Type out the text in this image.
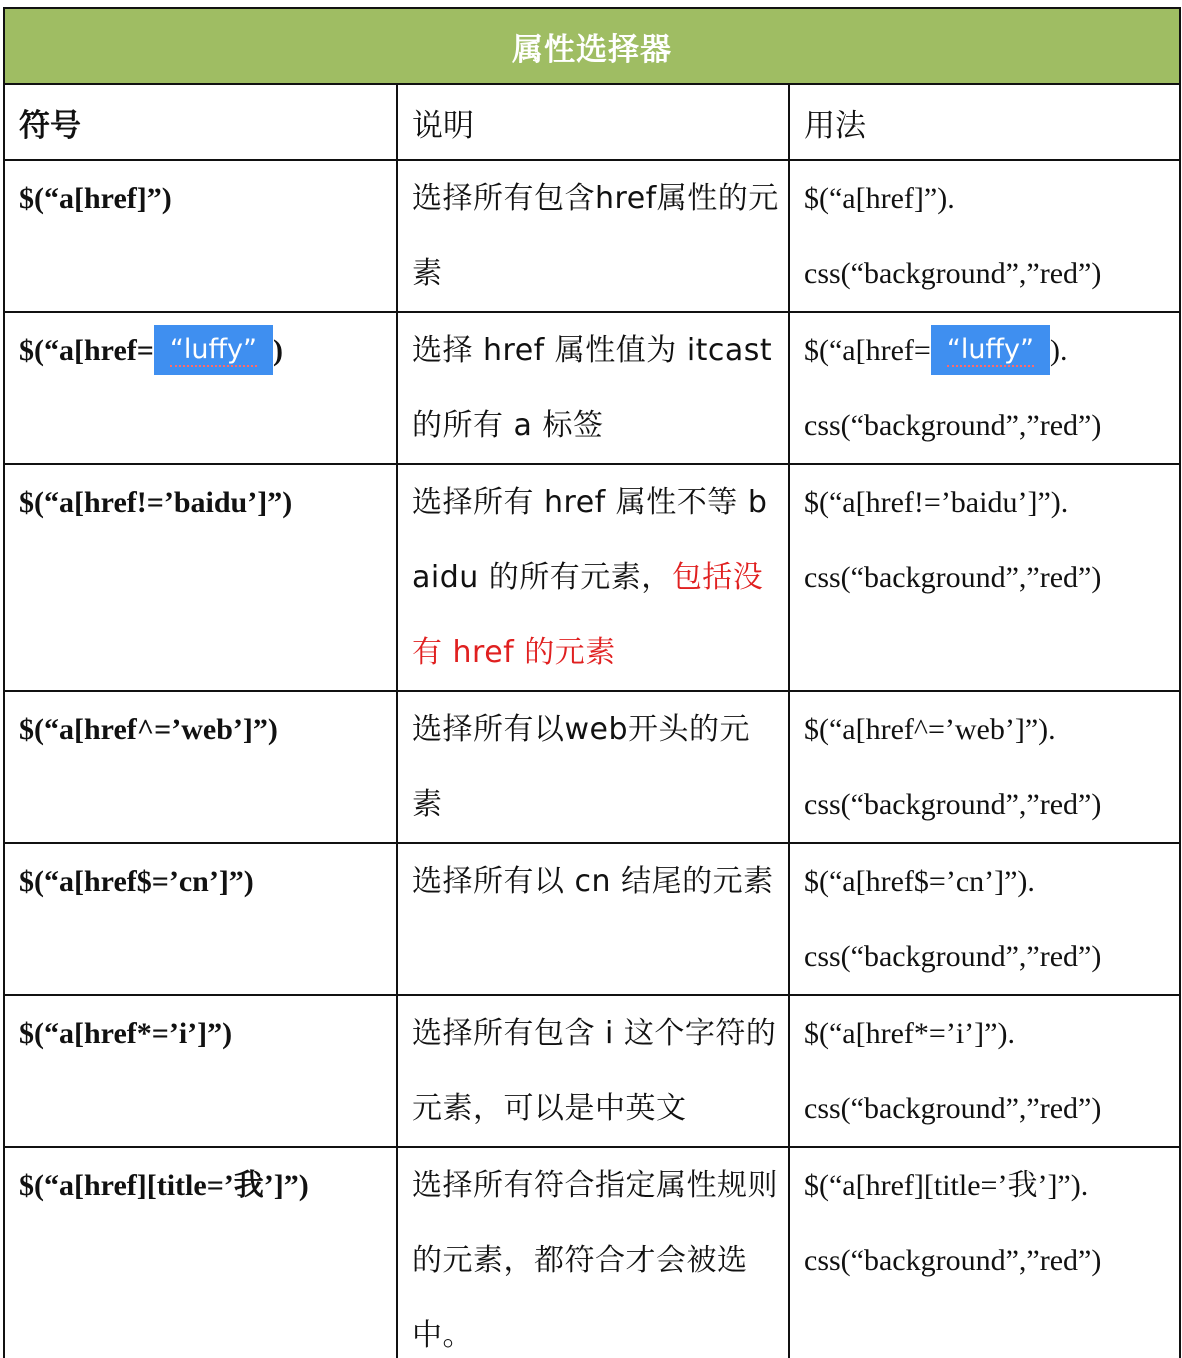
属性选择器		
符号	说明	用法

$(“a[href]”)	选择所有包含href属性的元素	$(“a[href]”).
css(“background”,”red”)

$(“a[href= “luffy” )	选择 href 属性值为 itcast 的所有 a 标签	$(“a[href= “luffy” ).
css(“background”,”red”)

$(“a[href!=’baidu’]”)	选择所有 href 属性不等 baidu 的所有元素，包括没有 href 的元素	$(“a[href!=’baidu’]”).
css(“background”,”red”)

$(“a[href^=’web’]”)	选择所有以web开头的元素	$(“a[href^=’web’]”).
css(“background”,”red”)

$(“a[href$=’cn’]”)	选择所有以 cn 结尾的元素	$(“a[href$=’cn’]”).
css(“background”,”red”)

$(“a[href*=’i’]”)	选择所有包含 i 这个字符的元素，可以是中英文	$(“a[href*=’i’]”).
css(“background”,”red”)

$(“a[href][title=’我’]”)	选择所有符合指定属性规则的元素，都符合才会被选中。	$(“a[href][title=’我’]”).
css(“background”,”red”)
